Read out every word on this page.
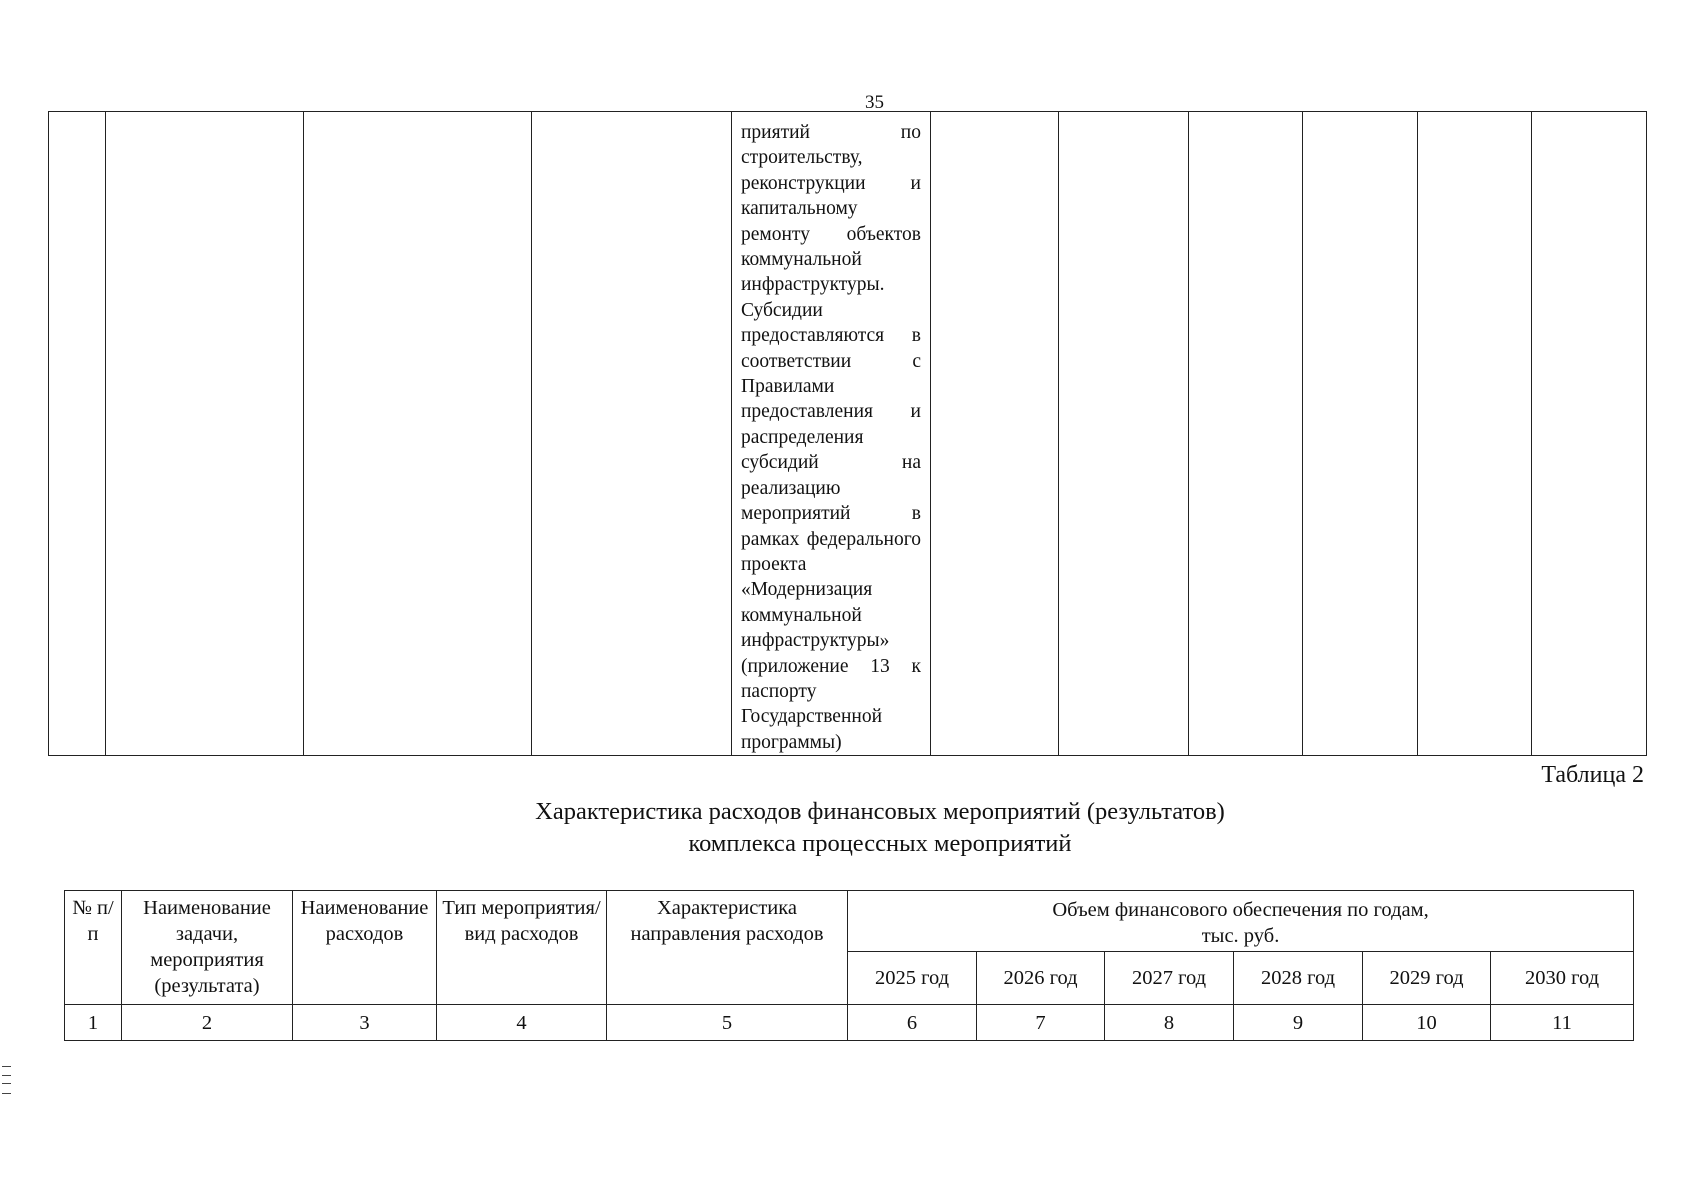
35

приятий по строительству, реконструкции и капитальному ремонту объектов коммунальной инфраструктуры.

Субсидии предоставляются в соответствии с Правилами предоставления и распределения субсидий на реализацию мероприятий в рамках федерального проекта «Модернизация коммунальной инфраструктуры» (приложение 13 к паспорту Государственной программы)

Таблица 2
Характеристика расходов финансовых мероприятий (результатов)
комплекса процессных мероприятий
№ п/п	Наименование задачи, мероприятия (результата)	Наименование расходов	Тип мероприятия/вид расходов	Характеристика направления расходов	Объем финансового обеспечения по годам,
тыс. руб.					

					2025 год	2026 год	2027 год	2028 год	2029 год	2030 год
1	2	3	4	5	6	7	8	9	10	11
